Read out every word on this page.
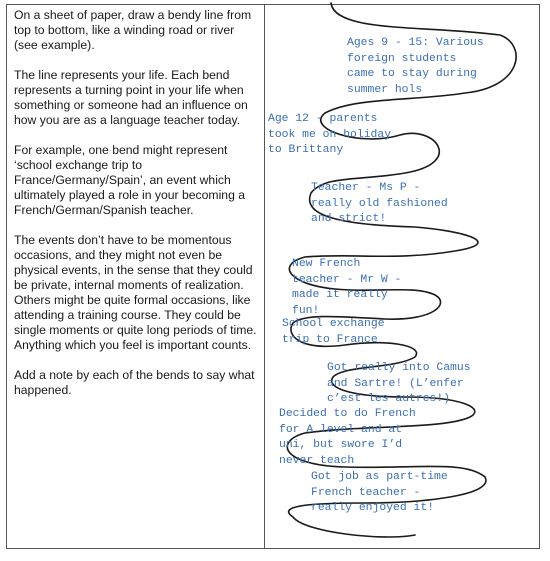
On a sheet of paper, draw a bendy line from top to bottom, like a winding road or river (see example).

The line represents your life. Each bend represents a turning point in your life when something or someone had an influence on how you are as a language teacher today.

For example, one bend might represent ‘school exchange trip to France/Germany/Spain’, an event which ultimately played a role in your becoming a French/German/Spanish teacher.

The events don’t have to be momentous occasions, and they might not even be physical events, in the sense that they could be private, internal moments of realization. Others might be quite formal occasions, like attending a training course. They could be single moments or quite long periods of time. Anything which you feel is important counts.

Add a note by each of the bends to say what happened.

Ages 9 - 15: Various
foreign students
came to stay during
summer hols
Age 12 - parents
took me on holiday
to Brittany
Teacher - Ms P -
really old fashioned
and strict!
New French
teacher - Mr W -
made it really
fun!
School exchange
trip to France
Got really into Camus
and Sartre! (L’enfer
c’est les autres!)
Decided to do French
for A level and at
uni, but swore I’d
never teach
Got job as part-time
French teacher -
really enjoyed it!
